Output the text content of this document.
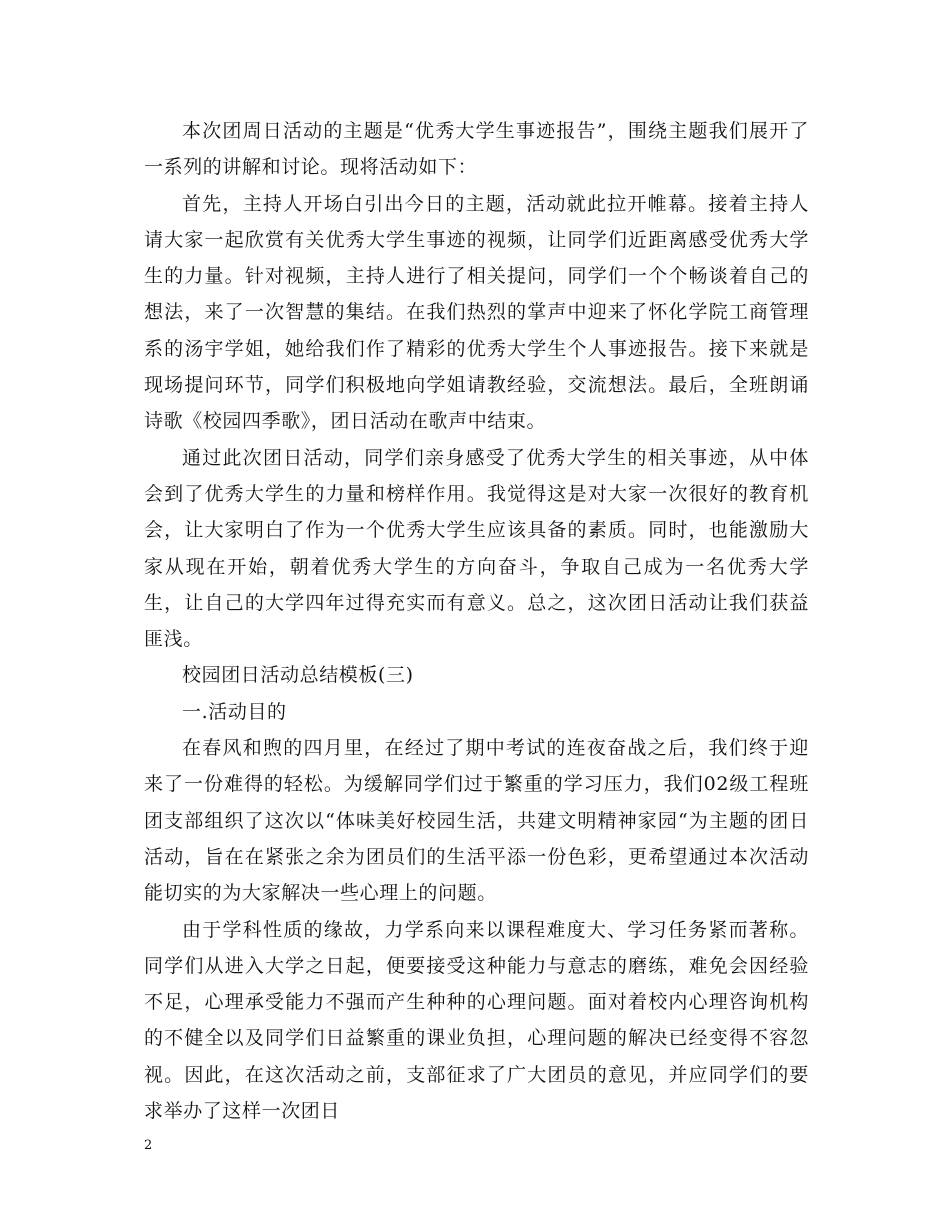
本次团周日活动的主题是“优秀大学生事迹报告”，围绕主题我们展开了一系列的讲解和讨论。现将活动如下：

首先，主持人开场白引出今日的主题，活动就此拉开帷幕。接着主持人请大家一起欣赏有关优秀大学生事迹的视频，让同学们近距离感受优秀大学生的力量。针对视频，主持人进行了相关提问，同学们一个个畅谈着自己的想法，来了一次智慧的集结。在我们热烈的掌声中迎来了怀化学院工商管理系的汤宇学姐，她给我们作了精彩的优秀大学生个人事迹报告。接下来就是现场提问环节，同学们积极地向学姐请教经验，交流想法。最后，全班朗诵诗歌《校园四季歌》，团日活动在歌声中结束。

通过此次团日活动，同学们亲身感受了优秀大学生的相关事迹，从中体会到了优秀大学生的力量和榜样作用。我觉得这是对大家一次很好的教育机会，让大家明白了作为一个优秀大学生应该具备的素质。同时，也能激励大家从现在开始，朝着优秀大学生的方向奋斗，争取自己成为一名优秀大学生，让自己的大学四年过得充实而有意义。总之，这次团日活动让我们获益匪浅。

校园团日活动总结模板(三)

一.活动目的

在春风和煦的四月里，在经过了期中考试的连夜奋战之后，我们终于迎来了一份难得的轻松。为缓解同学们过于繁重的学习压力，我们02级工程班团支部组织了这次以“体味美好校园生活，共建文明精神家园“为主题的团日活动，旨在在紧张之余为团员们的生活平添一份色彩，更希望通过本次活动能切实的为大家解决一些心理上的问题。

由于学科性质的缘故，力学系向来以课程难度大、学习任务紧而著称。同学们从进入大学之日起，便要接受这种能力与意志的磨练，难免会因经验不足，心理承受能力不强而产生种种的心理问题。面对着校内心理咨询机构的不健全以及同学们日益繁重的课业负担，心理问题的解决已经变得不容忽视。因此，在这次活动之前，支部征求了广大团员的意见，并应同学们的要求举办了这样一次团日

2
